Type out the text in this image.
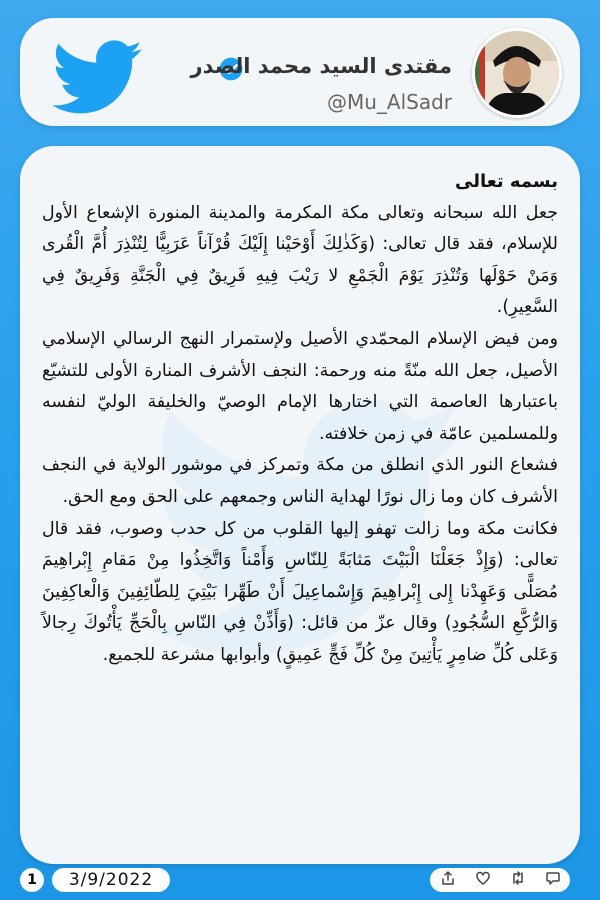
مقتدى السيد محمد الصدر
@Mu_AlSadr

بسمه تعالى

جعل الله سبحانه وتعالى مكة المكرمة والمدينة المنورة الإشعاع الأول للإسلام، فقد قال تعالى: (وَكَذٰلِكَ أَوْحَيْنا إِلَيْكَ قُرْآناً عَرَبِيًّا لِتُنْذِرَ أُمَّ الْقُرى وَمَنْ حَوْلَها وَتُنْذِرَ يَوْمَ الْجَمْعِ لا رَيْبَ فِيهِ فَرِيقٌ فِي الْجَنَّةِ وَفَرِيقٌ فِي السَّعِيرِ).

ومن فيض الإسلام المحمّدي الأصيل ولإستمرار النهج الرسالي الإسلامي الأصيل، جعل الله منّةً منه ورحمة: النجف الأشرف المنارة الأولى للتشيّع باعتبارها العاصمة التي اختارها الإمام الوصيّ والخليفة الوليّ لنفسه وللمسلمين عامّة في زمن خلافته.

فشعاع النور الذي انطلق من مكة وتمركز في موشور الولاية في النجف الأشرف كان وما زال نورًا لهداية الناس وجمعهم على الحق ومع الحق.

فكانت مكة وما زالت تهفو إليها القلوب من كل حدب وصوب، فقد قال تعالى: (وَإِذْ جَعَلْنَا الْبَيْتَ مَثابَةً لِلنّاسِ وَأَمْناً وَاتَّخِذُوا مِنْ مَقامِ إِبْراهِيمَ مُصَلًّى وَعَهِدْنا إِلى إِبْراهِيمَ وَإِسْماعِيلَ أَنْ طَهِّرا بَيْتِيَ لِلطّائِفِينَ وَالْعاكِفِينَ وَالرُّكَّعِ السُّجُودِ) وقال عزّ من قائل: (وَأَذِّنْ فِي النّاسِ بِالْحَجِّ يَأْتُوكَ رِجالاً وَعَلى كُلِّ ضامِرٍ يَأْتِينَ مِنْ كُلِّ فَجٍّ عَمِيقٍ) وأبوابها مشرعة للجميع.

1	3/9/2022
